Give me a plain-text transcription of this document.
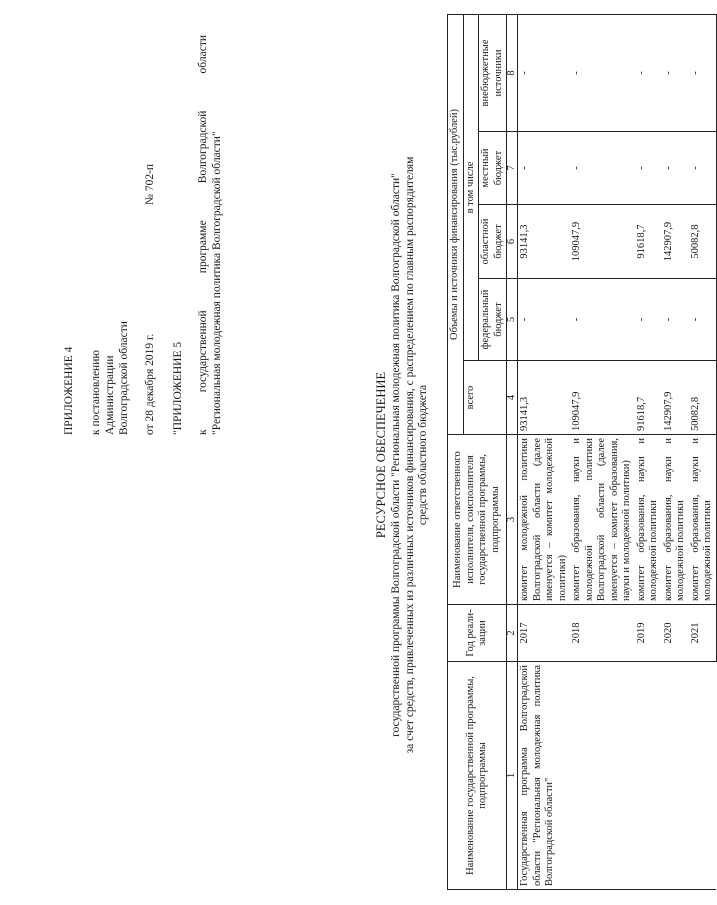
ПРИЛОЖЕНИЕ 4 к постановлению Администрации Волгоградской области от 28 декабря 2019 г.
№ 702-п
"ПРИЛОЖЕНИЕ 5 к государственной программе Волгоградской области "Региональная молодежная политика Волгоградской области"
РЕСУРСНОЕ ОБЕСПЕЧЕНИЕ государственной программы Волгоградской области "Региональная молодежная политика Волгоградской области" за счет средств, привлеченных из различных источников финансирования, с распределением по главным распорядителям средств областного бюджета
Наименование государственной программы, подпрограммы	Год реали-зации	Наименование ответственного исполнителя, соисполнителя государственной программы, подпрограммы	Объемы и источники финансирования (тыс.рублей)				
			всего	в том числе			
				федеральный бюджет	областной бюджет	местный бюджет	внебюджетные источники
1	2	3	4	5	6	7	8
Государственная программа Волгоградской области "Региональная молодежная политика Волгоградской области"	2017	комитет молодежной политики Волгоградской области (далее именуется – комитет молодежной политики)	93141,3	-	93141,3	-	-
	2018	комитет образования, науки и молодежной политики Волгоградской области (далее именуется – комитет образования, науки и молодежной политики)	109047,9	-	109047,9	-	-
	2019	комитет образования, науки и молодежной политики	91618,7	-	91618,7	-	-
	2020	комитет образования, науки и молодежной политики	142907,9	-	142907,9	-	-
	2021	комитет образования, науки и молодежной политики	50082,8	-	50082,8	-	-
